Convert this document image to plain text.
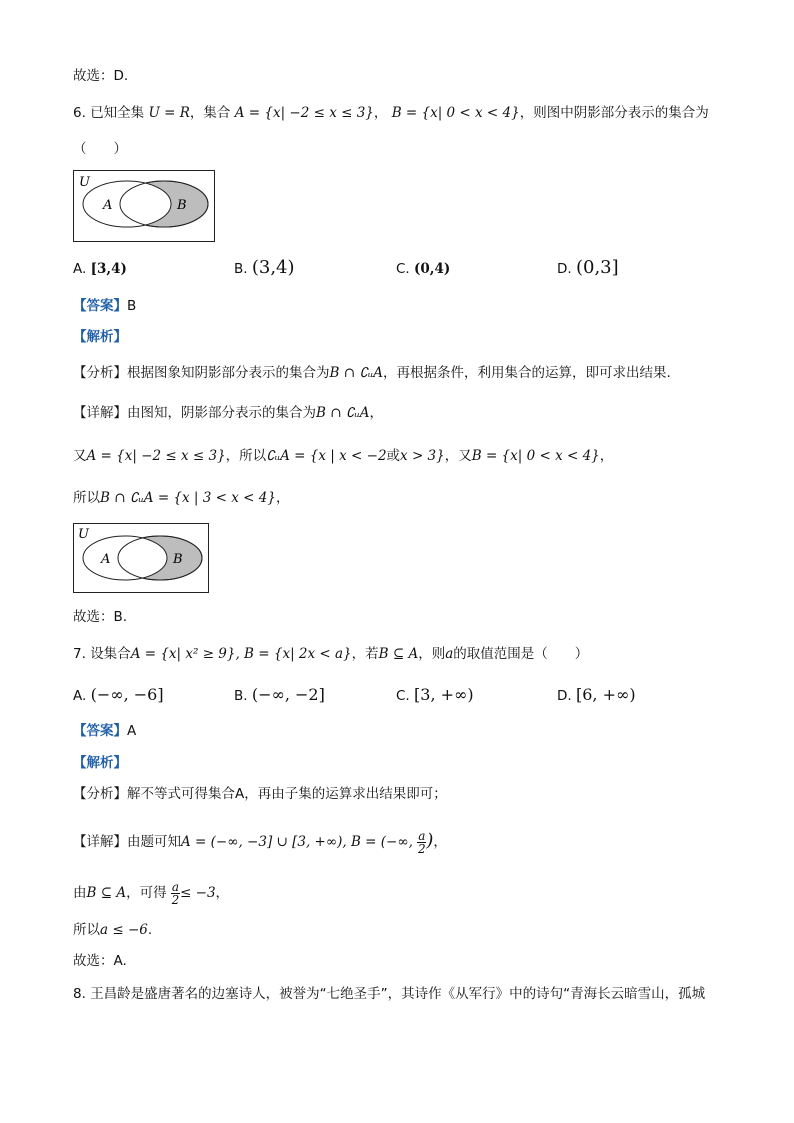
故选：D.
6. 已知全集 U = R，集合 A = {x| −2 ≤ x ≤ 3}， B = {x| 0 < x < 4}，则图中阴影部分表示的集合为
（　　）
U
A	B
A. [3,4)	B. (3,4)	C. (0,4)	D. (0,3]
【答案】B
【解析】
【分析】根据图象知阴影部分表示的集合为B ∩ ∁ᵤA，再根据条件，利用集合的运算，即可求出结果.
【详解】由图知，阴影部分表示的集合为B ∩ ∁ᵤA，
又A = {x| −2 ≤ x ≤ 3}，所以∁ᵤA = {x | x < −2或x > 3}，又B = {x| 0 < x < 4}，
所以B ∩ ∁ᵤA = {x | 3 < x < 4}，
U
A	B
故选：B.
7. 设集合A = {x| x² ≥ 9}, B = {x| 2x < a}，若B ⊆ A，则a的取值范围是（　　）
A. (−∞, −6]	B. (−∞, −2]	C. [3, +∞)	D. [6, +∞)
【答案】A
【解析】
【分析】解不等式可得集合A，再由子集的运算求出结果即可；
【详解】由题可知A = (−∞, −3] ∪ [3, +∞), B = (−∞, $\frac{a}{2}$ )，
由B ⊆ A，可得 $\frac{a}{2} \le -3$，
所以a ≤ −6.
故选：A.
8. 王昌龄是盛唐著名的边塞诗人，被誉为“七绝圣手”，其诗作《从军行》中的诗句“青海长云暗雪山，孤城
